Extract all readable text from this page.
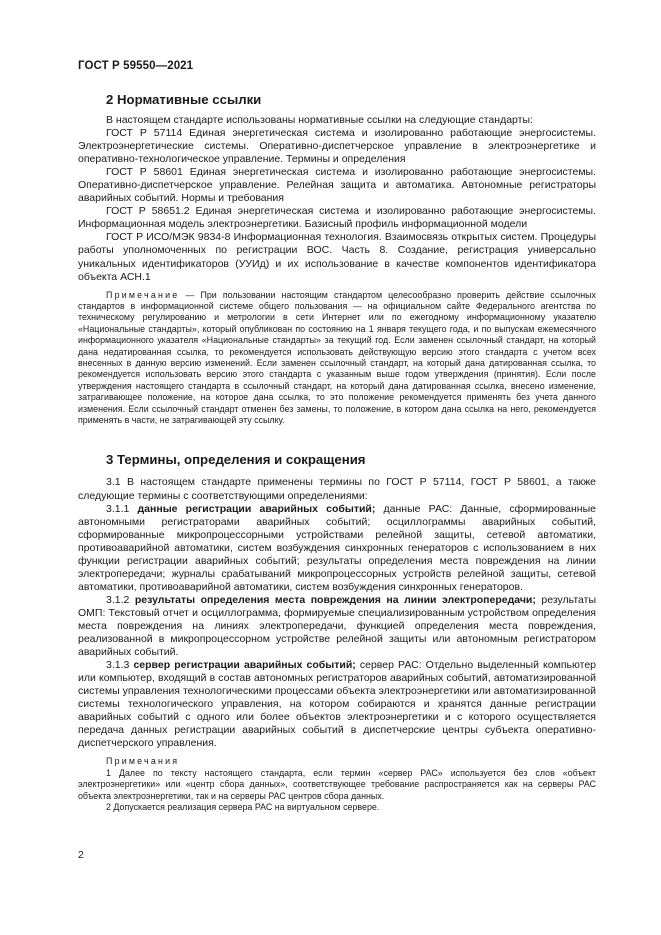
ГОСТ Р 59550—2021
2 Нормативные ссылки

В настоящем стандарте использованы нормативные ссылки на следующие стандарты:

ГОСТ Р 57114 Единая энергетическая система и изолированно работающие энергосистемы. Электроэнергетические системы. Оперативно-диспетчерское управление в электроэнергетике и оперативно-технологическое управление. Термины и определения

ГОСТ Р 58601 Единая энергетическая система и изолированно работающие энергосистемы. Оперативно-диспетчерское управление. Релейная защита и автоматика. Автономные регистраторы аварийных событий. Нормы и требования

ГОСТ Р 58651.2 Единая энергетическая система и изолированно работающие энергосистемы. Информационная модель электроэнергетики. Базисный профиль информационной модели

ГОСТ Р ИСО/МЭК 9834-8 Информационная технология. Взаимосвязь открытых систем. Процедуры работы уполномоченных по регистрации ВОС. Часть 8. Создание, регистрация универсально уникальных идентификаторов (УУИд) и их использование в качестве компонентов идентификатора объекта АСН.1

Примечание — При пользовании настоящим стандартом целесообразно проверить действие ссылочных стандартов в информационной системе общего пользования — на официальном сайте Федерального агентства по техническому регулированию и метрологии в сети Интернет или по ежегодному информационному указателю «Национальные стандарты», который опубликован по состоянию на 1 января текущего года, и по выпускам ежемесячного информационного указателя «Национальные стандарты» за текущий год. Если заменен ссылочный стандарт, на который дана недатированная ссылка, то рекомендуется использовать действующую версию этого стандарта с учетом всех внесенных в данную версию изменений. Если заменен ссылочный стандарт, на который дана датированная ссылка, то рекомендуется использовать версию этого стандарта с указанным выше годом утверждения (принятия). Если после утверждения настоящего стандарта в ссылочный стандарт, на который дана датированная ссылка, внесено изменение, затрагивающее положение, на которое дана ссылка, то это положение рекомендуется применять без учета данного изменения. Если ссылочный стандарт отменен без замены, то положение, в котором дана ссылка на него, рекомендуется применять в части, не затрагивающей эту ссылку.

3 Термины, определения и сокращения

3.1 В настоящем стандарте применены термины по ГОСТ Р 57114, ГОСТ Р 58601, а также следующие термины с соответствующими определениями:

3.1.1 данные регистрации аварийных событий; данные РАС: Данные, сформированные автономными регистраторами аварийных событий; осциллограммы аварийных событий, сформированные микропроцессорными устройствами релейной защиты, сетевой автоматики, противоаварийной автоматики, систем возбуждения синхронных генераторов с использованием в них функции регистрации аварийных событий; результаты определения места повреждения на линии электропередачи; журналы срабатываний микропроцессорных устройств релейной защиты, сетевой автоматики, противоаварийной автоматики, систем возбуждения синхронных генераторов.

3.1.2 результаты определения места повреждения на линии электропередачи; результаты ОМП: Текстовый отчет и осциллограмма, формируемые специализированным устройством определения места повреждения на линиях электропередачи, функцией определения места повреждения, реализованной в микропроцессорном устройстве релейной защиты или автономным регистратором аварийных событий.

3.1.3 сервер регистрации аварийных событий; сервер РАС: Отдельно выделенный компьютер или компьютер, входящий в состав автономных регистраторов аварийных событий, автоматизированной системы управления технологическими процессами объекта электроэнергетики или автоматизированной системы технологического управления, на котором собираются и хранятся данные регистрации аварийных событий с одного или более объектов электроэнергетики и с которого осуществляется передача данных регистрации аварийных событий в диспетчерские центры субъекта оперативно-диспетчерского управления.

Примечания

1 Далее по тексту настоящего стандарта, если термин «сервер РАС» используется без слов «объект электроэнергетики» или «центр сбора данных», соответствующее требование распространяется как на серверы РАС объекта электроэнергетики, так и на серверы РАС центров сбора данных.

2 Допускается реализация сервера РАС на виртуальном сервере.

2
